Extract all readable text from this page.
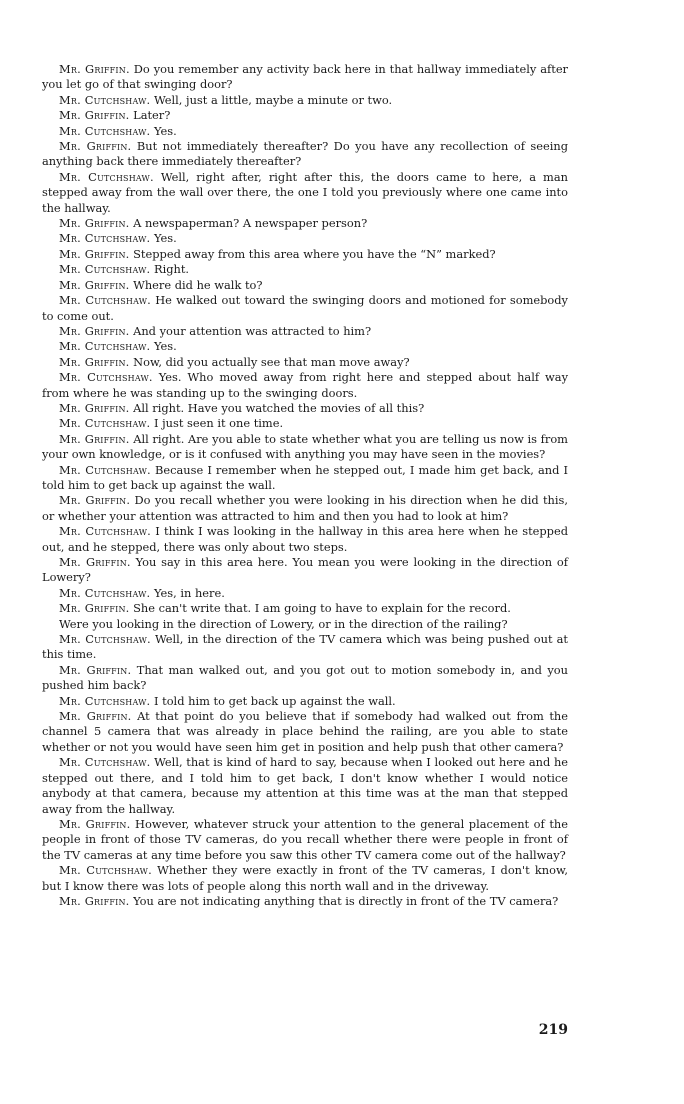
Mr. Griffin. Do you remember any activity back here in that hallway immediately after you let go of that swinging door?

Mr. Cutchshaw. Well, just a little, maybe a minute or two.

Mr. Griffin. Later?

Mr. Cutchshaw. Yes.

Mr. Griffin. But not immediately thereafter? Do you have any recollection of seeing anything back there immediately thereafter?

Mr. Cutchshaw. Well, right after, right after this, the doors came to here, a man stepped away from the wall over there, the one I told you previously where one came into the hallway.

Mr. Griffin. A newspaperman? A newspaper person?

Mr. Cutchshaw. Yes.

Mr. Griffin. Stepped away from this area where you have the “N” marked?

Mr. Cutchshaw. Right.

Mr. Griffin. Where did he walk to?

Mr. Cutchshaw. He walked out toward the swinging doors and motioned for somebody to come out.

Mr. Griffin. And your attention was attracted to him?

Mr. Cutchshaw. Yes.

Mr. Griffin. Now, did you actually see that man move away?

Mr. Cutchshaw. Yes. Who moved away from right here and stepped about half way from where he was standing up to the swinging doors.

Mr. Griffin. All right. Have you watched the movies of all this?

Mr. Cutchshaw. I just seen it one time.

Mr. Griffin. All right. Are you able to state whether what you are telling us now is from your own knowledge, or is it confused with anything you may have seen in the movies?

Mr. Cutchshaw. Because I remember when he stepped out, I made him get back, and I told him to get back up against the wall.

Mr. Griffin. Do you recall whether you were looking in his direction when he did this, or whether your attention was attracted to him and then you had to look at him?

Mr. Cutchshaw. I think I was looking in the hallway in this area here when he stepped out, and he stepped, there was only about two steps.

Mr. Griffin. You say in this area here. You mean you were looking in the direction of Lowery?

Mr. Cutchshaw. Yes, in here.

Mr. Griffin. She can't write that. I am going to have to explain for the record.

Were you looking in the direction of Lowery, or in the direction of the railing?

Mr. Cutchshaw. Well, in the direction of the TV camera which was being pushed out at this time.

Mr. Griffin. That man walked out, and you got out to motion somebody in, and you pushed him back?

Mr. Cutchshaw. I told him to get back up against the wall.

Mr. Griffin. At that point do you believe that if somebody had walked out from the channel 5 camera that was already in place behind the railing, are you able to state whether or not you would have seen him get in position and help push that other camera?

Mr. Cutchshaw. Well, that is kind of hard to say, because when I looked out here and he stepped out there, and I told him to get back, I don't know whether I would notice anybody at that camera, because my attention at this time was at the man that stepped away from the hallway.

Mr. Griffin. However, whatever struck your attention to the general placement of the people in front of those TV cameras, do you recall whether there were people in front of the TV cameras at any time before you saw this other TV camera come out of the hallway?

Mr. Cutchshaw. Whether they were exactly in front of the TV cameras, I don't know, but I know there was lots of people along this north wall and in the driveway.

Mr. Griffin. You are not indicating anything that is directly in front of the TV camera?

219
